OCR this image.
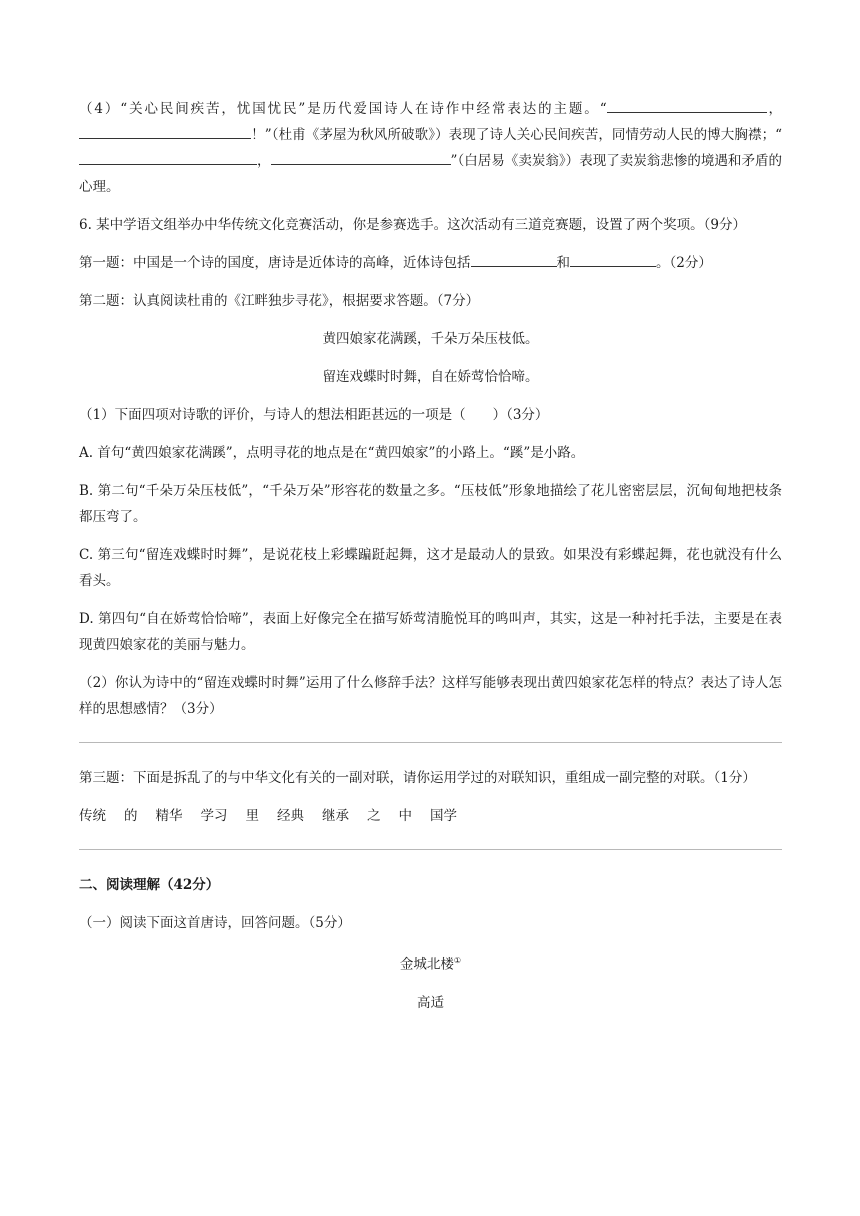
（4）“关心民间疾苦，忧国忧民”是历代爱国诗人在诗作中经常表达的主题。“	，！”（杜甫《茅屋为秋风所破歌》）表现了诗人关心民间疾苦，同情劳动人民的博大胸襟；“，	”（白居易《卖炭翁》）表现了卖炭翁悲惨的境遇和矛盾的心理。

6. 某中学语文组举办中华传统文化竞赛活动，你是参赛选手。这次活动有三道竞赛题，设置了两个奖项。（9分）

第一题：中国是一个诗的国度，唐诗是近体诗的高峰，近体诗包括	和	。（2分）

第二题：认真阅读杜甫的《江畔独步寻花》，根据要求答题。（7分）

黄四娘家花满蹊，千朵万朵压枝低。

留连戏蝶时时舞，自在娇莺恰恰啼。

（1）下面四项对诗歌的评价，与诗人的想法相距甚远的一项是（　　）（3分）

A. 首句“黄四娘家花满蹊”，点明寻花的地点是在“黄四娘家”的小路上。“蹊”是小路。

B. 第二句“千朵万朵压枝低”，“千朵万朵”形容花的数量之多。“压枝低”形象地描绘了花儿密密层层，沉甸甸地把枝条都压弯了。

C. 第三句“留连戏蝶时时舞”，是说花枝上彩蝶蹁跹起舞，这才是最动人的景致。如果没有彩蝶起舞，花也就没有什么看头。

D. 第四句“自在娇莺恰恰啼”，表面上好像完全在描写娇莺清脆悦耳的鸣叫声，其实，这是一种衬托手法，主要是在表现黄四娘家花的美丽与魅力。

（2）你认为诗中的“留连戏蝶时时舞”运用了什么修辞手法？这样写能够表现出黄四娘家花怎样的特点？表达了诗人怎样的思想感情？（3分）

第三题：下面是拆乱了的与中华文化有关的一副对联，请你运用学过的对联知识，重组成一副完整的对联。（1分）

传统 的 精华 学习 里 经典 继承 之 中 国学

二、阅读理解（42分）

（一）阅读下面这首唐诗，回答问题。（5分）

金城北楼①

高适
